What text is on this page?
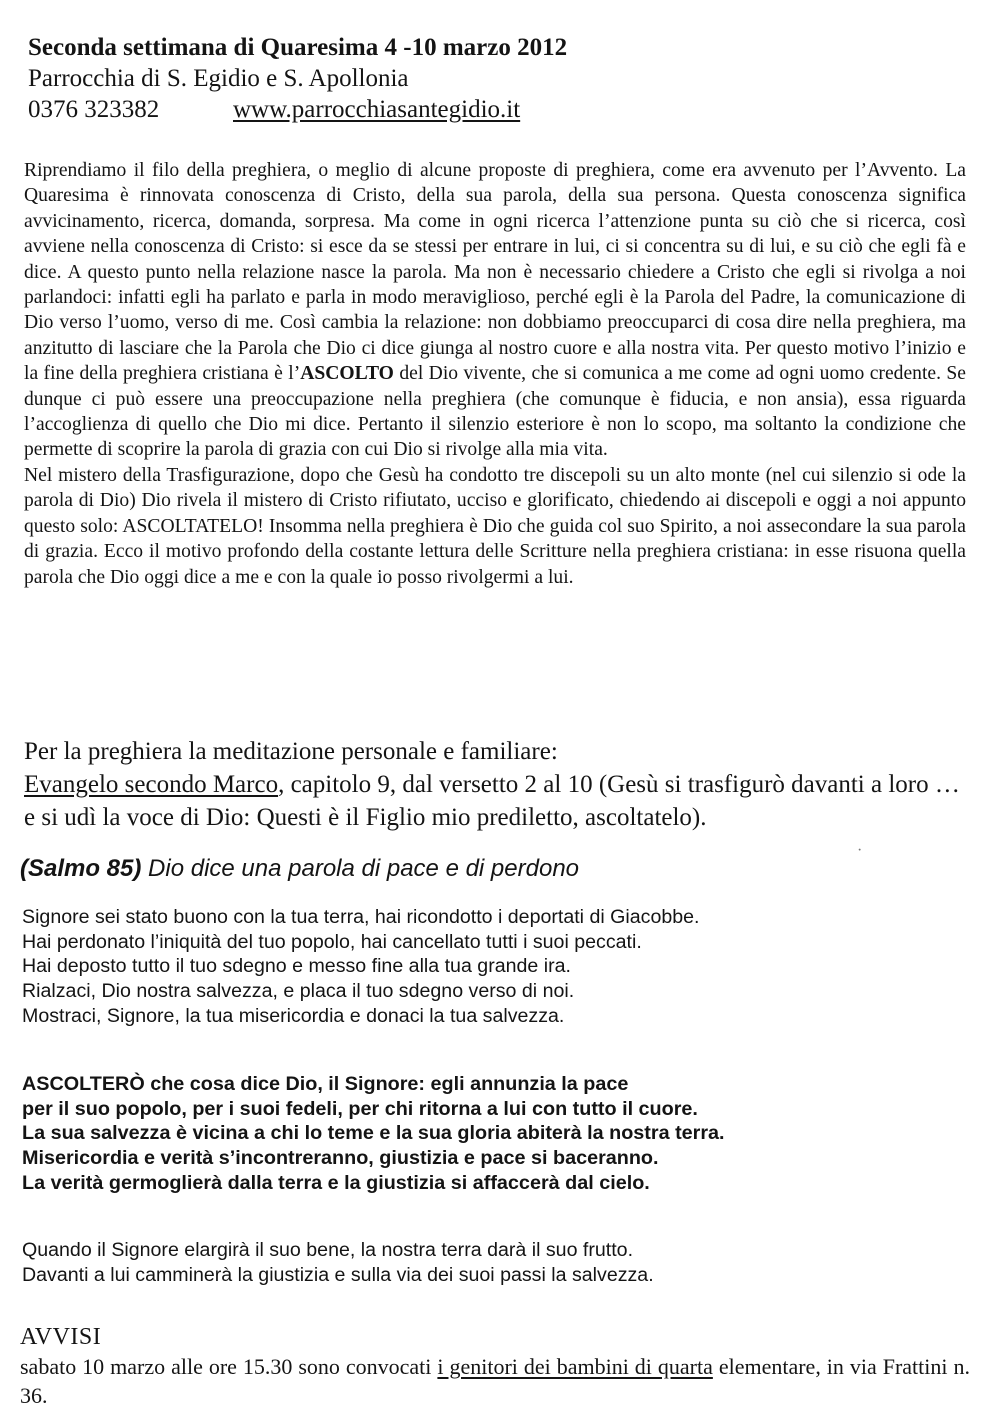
Seconda settimana di Quaresima 4 -10 marzo 2012
Parrocchia di S. Egidio e S. Apollonia
0376 323382	www.parrocchiasantegidio.it

Riprendiamo il filo della preghiera, o meglio di alcune proposte di preghiera, come era avvenuto per l’Avvento. La Quaresima è rinnovata conoscenza di Cristo, della sua parola, della sua persona. Questa conoscenza significa avvicinamento, ricerca, domanda, sorpresa. Ma come in ogni ricerca l’attenzione punta su ciò che si ricerca, così avviene nella conoscenza di Cristo: si esce da se stessi per entrare in lui, ci si concentra su di lui, e su ciò che egli fà e dice. A questo punto nella relazione nasce la parola. Ma non è necessario chiedere a Cristo che egli si rivolga a noi parlandoci: infatti egli ha parlato e parla in modo meraviglioso, perché egli è la Parola del Padre, la comunicazione di Dio verso l’uomo, verso di me. Così cambia la relazione: non dobbiamo preoccuparci di cosa dire nella preghiera, ma anzitutto di lasciare che la Parola che Dio ci dice giunga al nostro cuore e alla nostra vita. Per questo motivo l’inizio e la fine della preghiera cristiana è l’ASCOLTO del Dio vivente, che si comunica a me come ad ogni uomo credente. Se dunque ci può essere una preoccupazione nella preghiera (che comunque è fiducia, e non ansia), essa riguarda l’accoglienza di quello che Dio mi dice. Pertanto il silenzio esteriore è non lo scopo, ma soltanto la condizione che permette di scoprire la parola di grazia con cui Dio si rivolge alla mia vita.

Nel mistero della Trasfigurazione, dopo che Gesù ha condotto tre discepoli su un alto monte (nel cui silenzio si ode la parola di Dio) Dio rivela il mistero di Cristo rifiutato, ucciso e glorificato, chiedendo ai discepoli e oggi a noi appunto questo solo: ASCOLTATELO! Insomma nella preghiera è Dio che guida col suo Spirito, a noi assecondare la sua parola di grazia. Ecco il motivo profondo della costante lettura delle Scritture nella preghiera cristiana: in esse risuona quella parola che Dio oggi dice a me e con la quale io posso rivolgermi a lui.

Per la preghiera la meditazione personale e familiare:
Evangelo secondo Marco, capitolo 9, dal versetto 2 al 10 (Gesù si trasfigurò davanti a loro … e si udì la voce di Dio: Questi è il Figlio mio prediletto, ascoltatelo).
·
(Salmo 85) Dio dice una parola di pace e di perdono
Signore sei stato buono con la tua terra, hai ricondotto i deportati di Giacobbe.
Hai perdonato l’iniquità del tuo popolo, hai cancellato tutti i suoi peccati.
Hai deposto tutto il tuo sdegno e messo fine alla tua grande ira.
Rialzaci, Dio nostra salvezza, e placa il tuo sdegno verso di noi.
Mostraci, Signore, la tua misericordia e donaci la tua salvezza.
ASCOLTERÒ che cosa dice Dio, il Signore: egli annunzia la pace
per il suo popolo, per i suoi fedeli, per chi ritorna a lui con tutto il cuore.
La sua salvezza è vicina a chi lo teme e la sua gloria abiterà la nostra terra.
Misericordia e verità s’incontreranno, giustizia e pace si baceranno.
La verità germoglierà dalla terra e la giustizia si affaccerà dal cielo.
Quando il Signore elargirà il suo bene, la nostra terra darà il suo frutto.
Davanti a lui camminerà la giustizia e sulla via dei suoi passi la salvezza.
AVVISI
sabato 10 marzo alle ore 15.30 sono convocati i genitori dei bambini di quarta elementare, in via Frattini n. 36.
